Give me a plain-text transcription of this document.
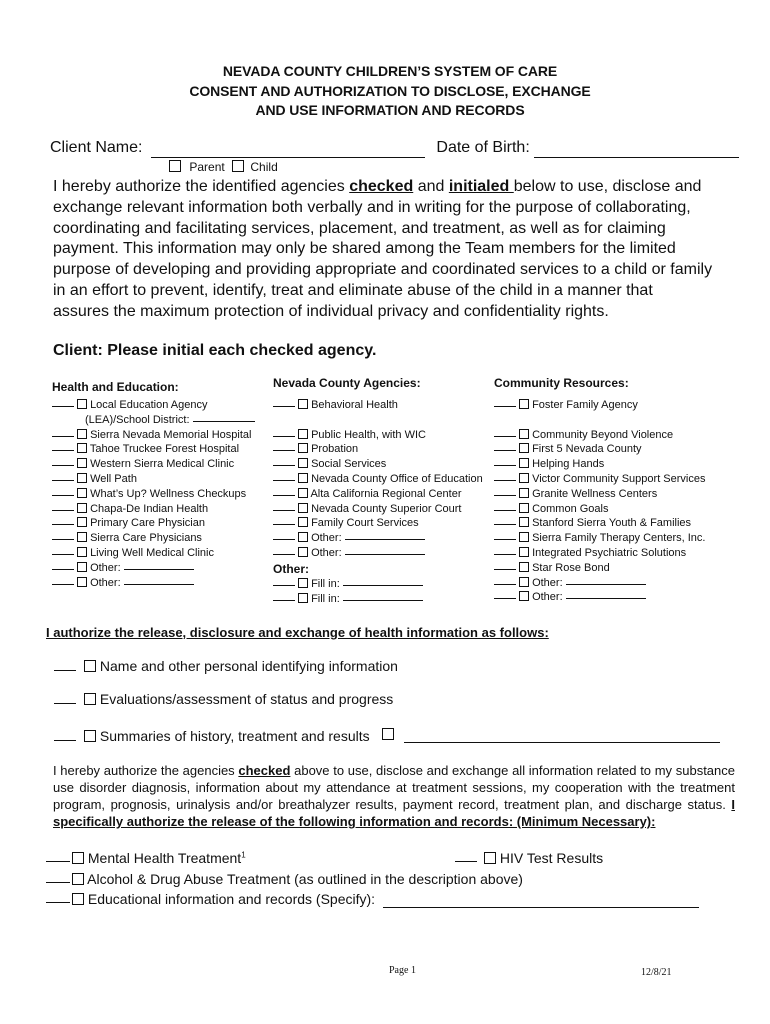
NEVADA COUNTY CHILDREN’S SYSTEM OF CARE
CONSENT AND AUTHORIZATION TO DISCLOSE, EXCHANGE
AND USE INFORMATION AND RECORDS
Client Name:	Date of Birth:
Parent Child
I hereby authorize the identified agencies checked and initialed below to use, disclose and exchange relevant information both verbally and in writing for the purpose of collaborating, coordinating and facilitating services, placement, and treatment, as well as for claiming payment. This information may only be shared among the Team members for the limited purpose of developing and providing appropriate and coordinated services to a child or family in an effort to prevent, identify, treat and eliminate abuse of the child in a manner that assures the maximum protection of individual privacy and confidentiality rights.
Client: Please initial each checked agency.
Health and Education:
Local Education Agency
(LEA)/School District:
Sierra Nevada Memorial Hospital
Tahoe Truckee Forest Hospital
Western Sierra Medical Clinic
Well Path
What’s Up? Wellness Checkups
Chapa-De Indian Health
Primary Care Physician
Sierra Care Physicians
Living Well Medical Clinic
Other:
Other:
Nevada County Agencies:
Behavioral Health
Public Health, with WIC
Probation
Social Services
Nevada County Office of Education
Alta California Regional Center
Nevada County Superior Court
Family Court Services
Other:
Other:
Other:
Fill in:
Fill in:
Community Resources:
Foster Family Agency
Community Beyond Violence
First 5 Nevada County
Helping Hands
Victor Community Support Services
Granite Wellness Centers
Common Goals
Stanford Sierra Youth & Families
Sierra Family Therapy Centers, Inc.
Integrated Psychiatric Solutions
Star Rose Bond
Other:
Other:
I authorize the release, disclosure and exchange of health information as follows:
Name and other personal identifying information
Evaluations/assessment of status and progress
Summaries of history, treatment and results

I hereby authorize the agencies checked above to use, disclose and exchange all information related to my substance use disorder diagnosis, information about my attendance at treatment sessions, my cooperation with the treatment program, prognosis, urinalysis and/or breathalyzer results, payment record, treatment plan, and discharge status. I specifically authorize the release of the following information and records: (Minimum Necessary):
Mental Health Treatment$^1$	HIV Test Results
Alcohol & Drug Abuse Treatment (as outlined in the description above)
Educational information and records (Specify):
Page 1	12/8/21
